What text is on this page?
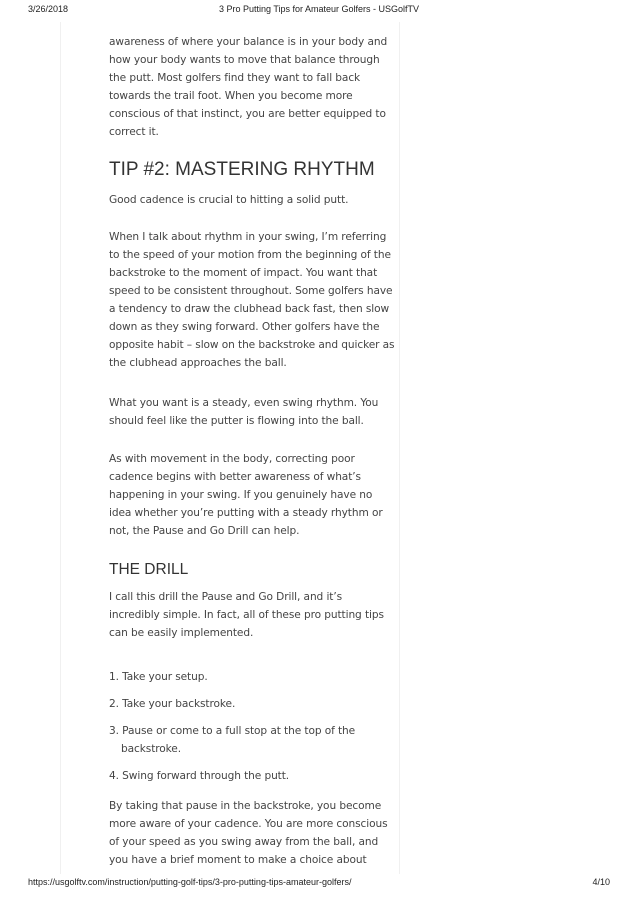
3/26/2018	3 Pro Putting Tips for Amateur Golfers - USGolfTV

awareness of where your balance is in your body and how your body wants to move that balance through the putt. Most golfers find they want to fall back towards the trail foot. When you become more conscious of that instinct, you are better equipped to correct it.

TIP #2: MASTERING RHYTHM

Good cadence is crucial to hitting a solid putt.

When I talk about rhythm in your swing, I’m referring to the speed of your motion from the beginning of the backstroke to the moment of impact. You want that speed to be consistent throughout. Some golfers have a tendency to draw the clubhead back fast, then slow down as they swing forward. Other golfers have the opposite habit – slow on the backstroke and quicker as the clubhead approaches the ball.

What you want is a steady, even swing rhythm. You should feel like the putter is flowing into the ball.

As with movement in the body, correcting poor cadence begins with better awareness of what’s happening in your swing. If you genuinely have no idea whether you’re putting with a steady rhythm or not, the Pause and Go Drill can help.

THE DRILL

I call this drill the Pause and Go Drill, and it’s incredibly simple. In fact, all of these pro putting tips can be easily implemented.

1. Take your setup.

2. Take your backstroke.

3. Pause or come to a full stop at the top of the backstroke.

4. Swing forward through the putt.

By taking that pause in the backstroke, you become more aware of your cadence. You are more conscious of your speed as you swing away from the ball, and you have a brief moment to make a choice about

https://usgolftv.com/instruction/putting-golf-tips/3-pro-putting-tips-amateur-golfers/	4/10
